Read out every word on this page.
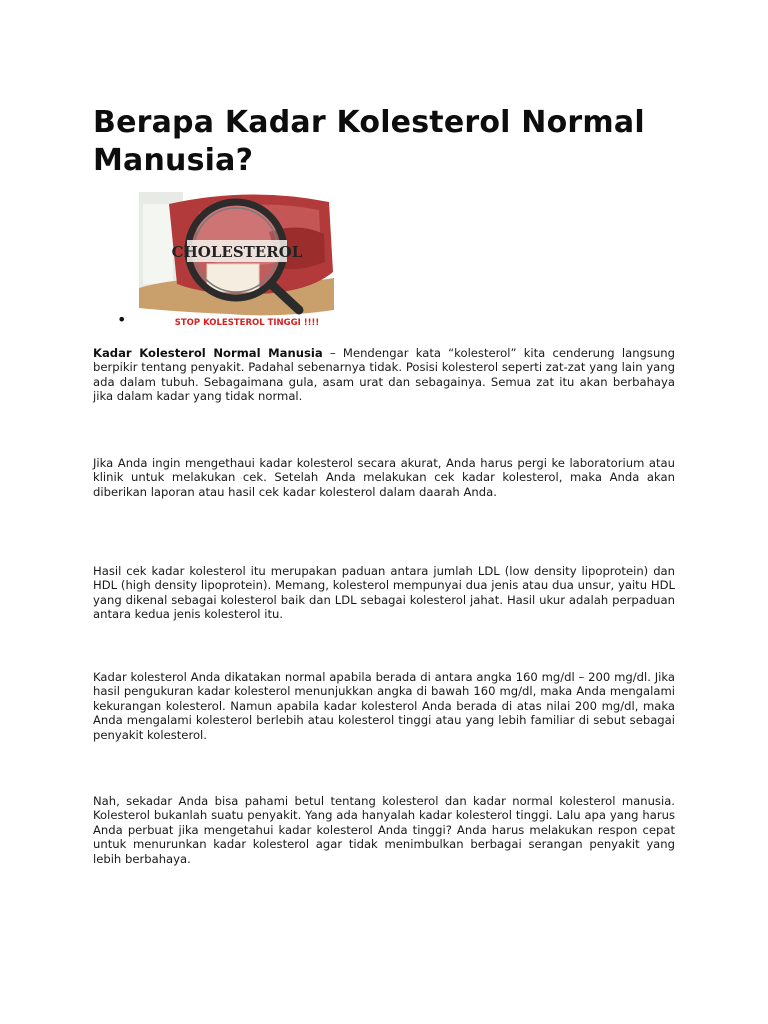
Berapa Kadar Kolesterol Normal Manusia?
CHOLESTEROL
STOP KOLESTEROL TINGGI !!!!
•

Kadar Kolesterol Normal Manusia – Mendengar kata “kolesterol” kita cenderung langsung berpikir tentang penyakit. Padahal sebenarnya tidak. Posisi kolesterol seperti zat-zat yang lain yang ada dalam tubuh. Sebagaimana gula, asam urat dan sebagainya. Semua zat itu akan berbahaya jika dalam kadar yang tidak normal.

Jika Anda ingin mengethaui kadar kolesterol secara akurat, Anda harus pergi ke laboratorium atau klinik untuk melakukan cek. Setelah Anda melakukan cek kadar kolesterol, maka Anda akan diberikan laporan atau hasil cek kadar kolesterol dalam daarah Anda.

Hasil cek kadar kolesterol itu merupakan paduan antara jumlah LDL (low density lipoprotein) dan HDL (high density lipoprotein). Memang, kolesterol mempunyai dua jenis atau dua unsur, yaitu HDL yang dikenal sebagai kolesterol baik dan LDL sebagai kolesterol jahat. Hasil ukur adalah perpaduan antara kedua jenis kolesterol itu.

Kadar kolesterol Anda dikatakan normal apabila berada di antara angka 160 mg/dl – 200 mg/dl. Jika hasil pengukuran kadar kolesterol menunjukkan angka di bawah 160 mg/dl, maka Anda mengalami kekurangan kolesterol. Namun apabila kadar kolesterol Anda berada di atas nilai 200 mg/dl, maka Anda mengalami kolesterol berlebih atau kolesterol tinggi atau yang lebih familiar di sebut sebagai penyakit kolesterol.

Nah, sekadar Anda bisa pahami betul tentang kolesterol dan kadar normal kolesterol manusia. Kolesterol bukanlah suatu penyakit. Yang ada hanyalah kadar kolesterol tinggi. Lalu apa yang harus Anda perbuat jika mengetahui kadar kolesterol Anda tinggi? Anda harus melakukan respon cepat untuk menurunkan kadar kolesterol agar tidak menimbulkan berbagai serangan penyakit yang lebih berbahaya.
